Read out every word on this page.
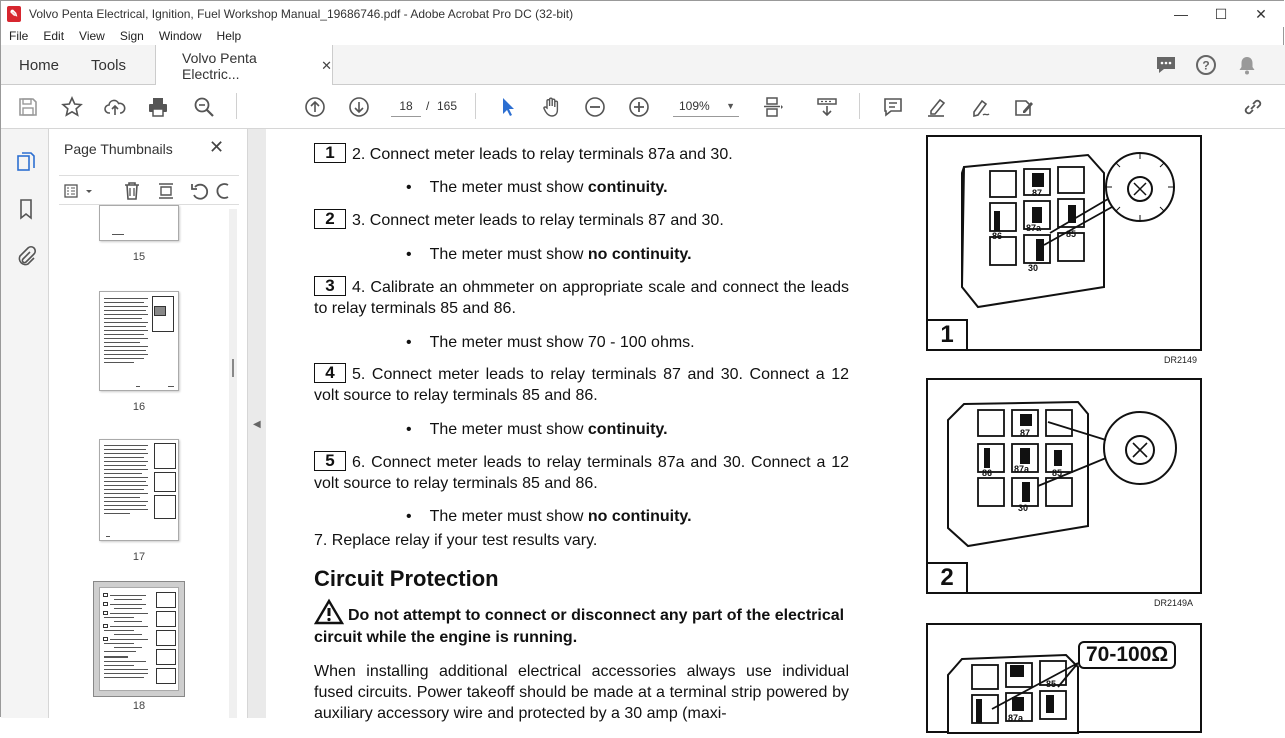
✎ Volvo Penta Electrical, Ignition, Fuel Workshop Manual_19686746.pdf - Adobe Acrobat Pro DC (32-bit)	—	☐	✕
File Edit View Sign Window Help
Home Tools	Volvo Penta Electric...
✕	?
18	/ 165	109% ▼
Page Thumbnails ✕
15
16
17
18
◀
1 2. Connect meter leads to relay terminals 87a and 30.
• The meter must show continuity.
2 3. Connect meter leads to relay terminals 87 and 30.
• The meter must show no continuity.
3 4. Calibrate an ohmmeter on appropriate scale and connect the leads to relay terminals 85 and 86.
• The meter must show 70 - 100 ohms.
4 5. Connect meter leads to relay terminals 87 and 30. Connect a 12 volt source to relay terminals 85 and 86.
• The meter must show continuity.
5 6. Connect meter leads to relay terminals 87a and 30. Connect a 12 volt source to relay terminals 85 and 86.
• The meter must show no continuity.
7. Replace relay if your test results vary.
Circuit Protection
Do not attempt to connect or disconnect any part of the electrical circuit while the engine is running.
When installing additional electrical accessories always use individual fused circuits. Power takeoff should be made at a terminal strip powered by auxiliary accessory wire and protected by a 30 amp (maxi-
87
86
87a
85
30
1
DR2149
87
86 87a	85
30
2
DR2149A
87a
85
70-100Ω
